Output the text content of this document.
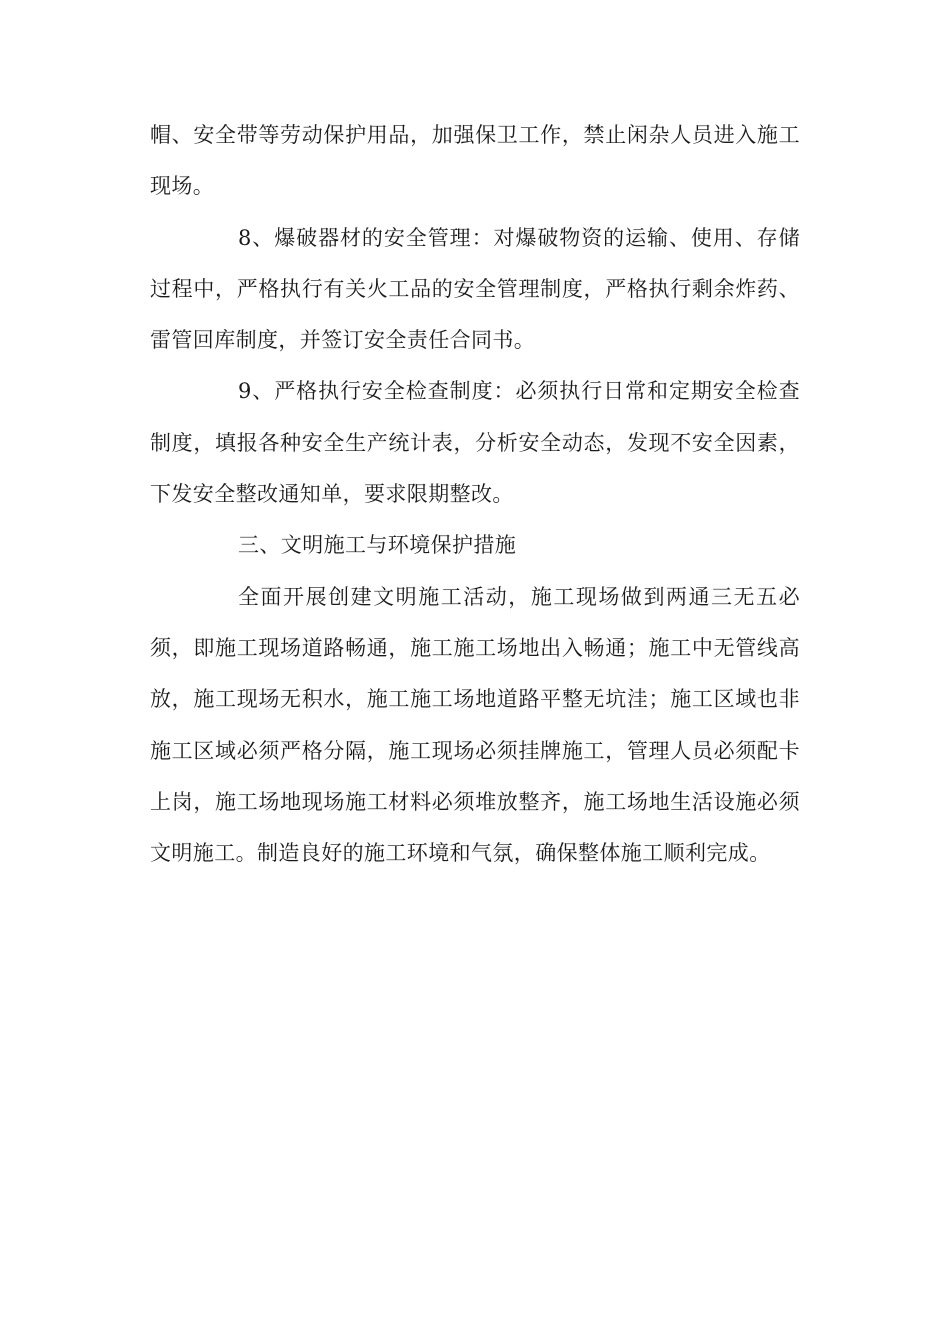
帽、安全带等劳动保护用品，加强保卫工作，禁止闲杂人员进入施工现场。

8、爆破器材的安全管理：对爆破物资的运输、使用、存储过程中，严格执行有关火工品的安全管理制度，严格执行剩余炸药、雷管回库制度，并签订安全责任合同书。

9、严格执行安全检查制度：必须执行日常和定期安全检查制度，填报各种安全生产统计表，分析安全动态，发现不安全因素，下发安全整改通知单，要求限期整改。

三、文明施工与环境保护措施

全面开展创建文明施工活动，施工现场做到两通三无五必须，即施工现场道路畅通，施工施工场地出入畅通；施工中无管线高放，施工现场无积水，施工施工场地道路平整无坑洼；施工区域也非施工区域必须严格分隔，施工现场必须挂牌施工，管理人员必须配卡上岗，施工场地现场施工材料必须堆放整齐，施工场地生活设施必须文明施工。制造良好的施工环境和气氛，确保整体施工顺利完成。
